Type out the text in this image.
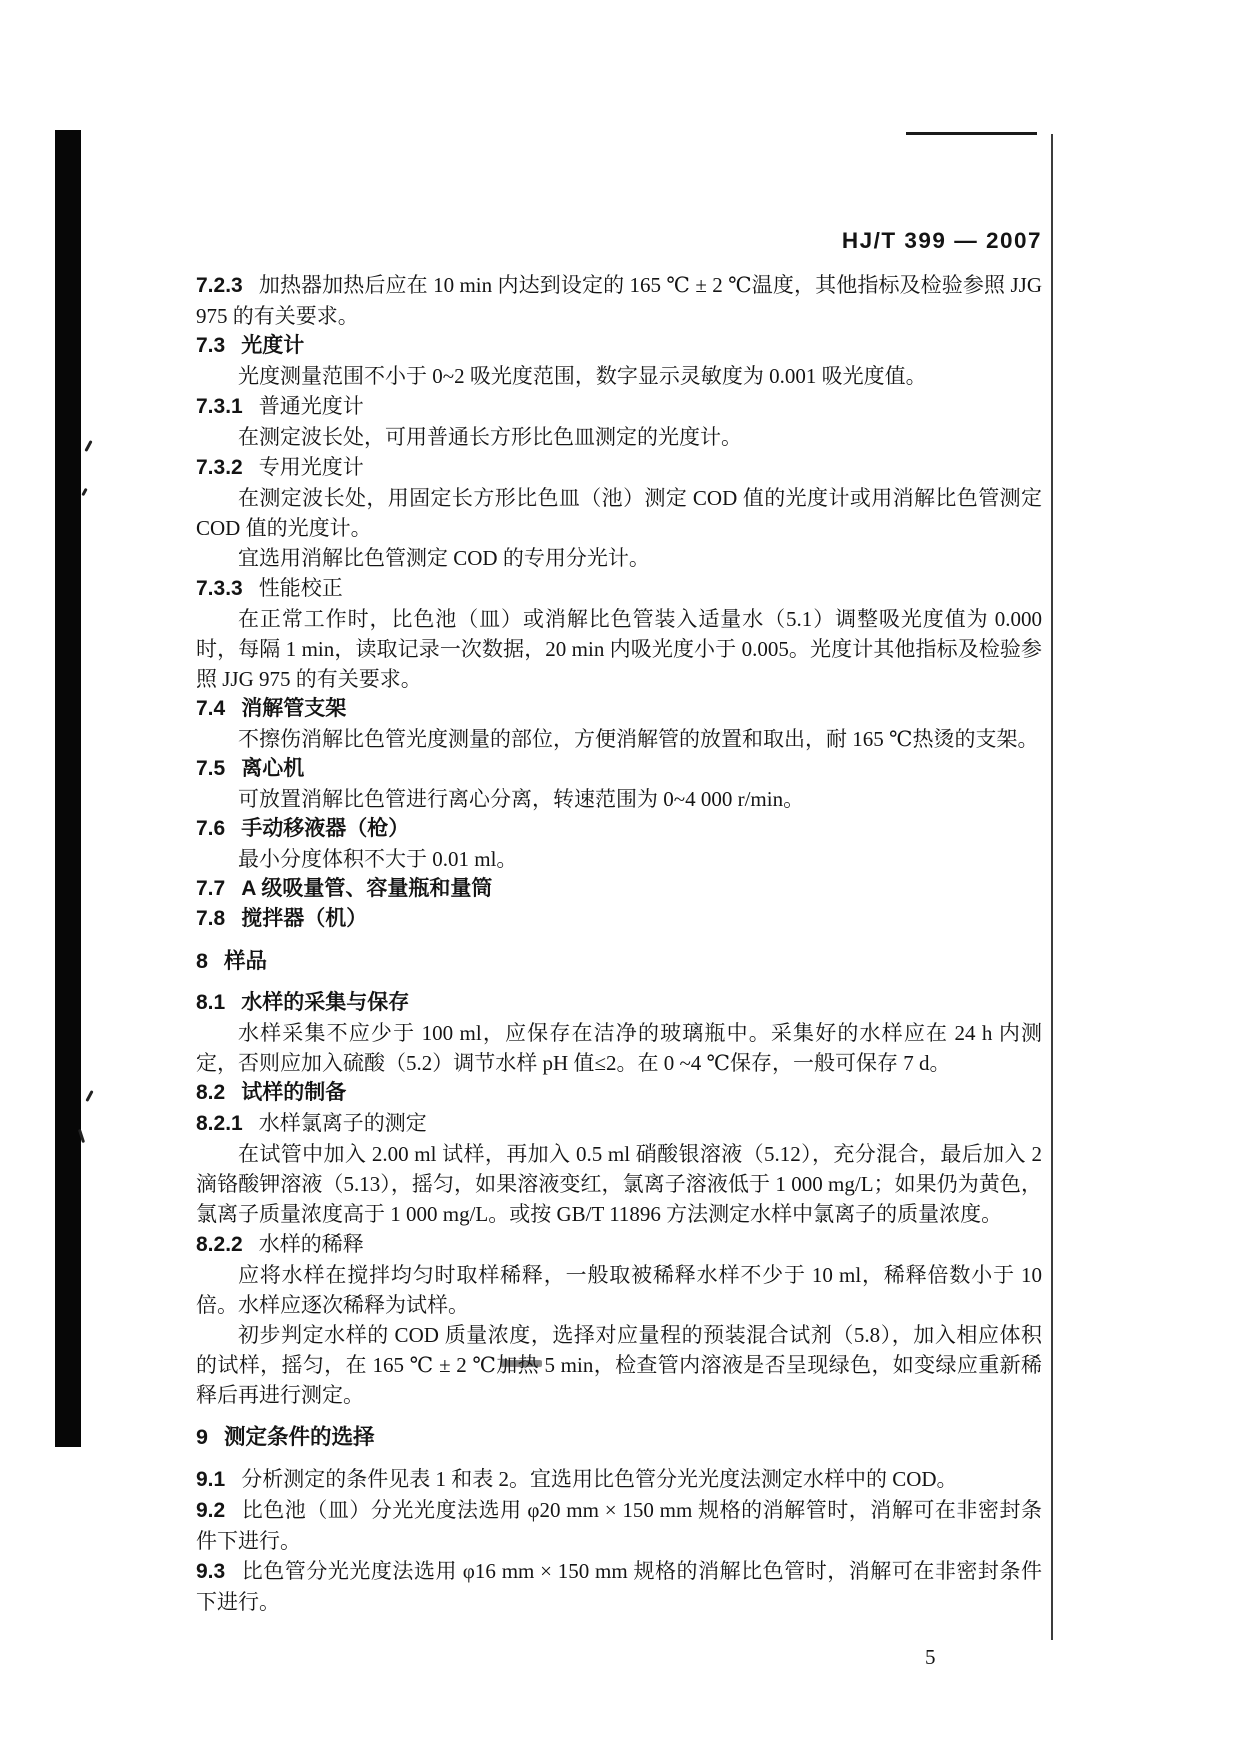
HJ/T 399 — 2007

7.2.3 加热器加热后应在 10 min 内达到设定的 165 ℃ ± 2 ℃温度，其他指标及检验参照 JJG 975 的有关要求。
7.3 光度计
光度测量范围不小于 0~2 吸光度范围，数字显示灵敏度为 0.001 吸光度值。
7.3.1 普通光度计
在测定波长处，可用普通长方形比色皿测定的光度计。
7.3.2 专用光度计
在测定波长处，用固定长方形比色皿（池）测定 COD 值的光度计或用消解比色管测定 COD 值的光度计。
宜选用消解比色管测定 COD 的专用分光计。
7.3.3 性能校正
在正常工作时，比色池（皿）或消解比色管装入适量水（5.1）调整吸光度值为 0.000 时，每隔 1 min，读取记录一次数据，20 min 内吸光度小于 0.005。光度计其他指标及检验参照 JJG 975 的有关要求。
7.4 消解管支架
不擦伤消解比色管光度测量的部位，方便消解管的放置和取出，耐 165 ℃热烫的支架。
7.5 离心机
可放置消解比色管进行离心分离，转速范围为 0~4 000 r/min。
7.6 手动移液器（枪）
最小分度体积不大于 0.01 ml。
7.7 A 级吸量管、容量瓶和量筒
7.8 搅拌器（机）
8 样品
8.1 水样的采集与保存
水样采集不应少于 100 ml，应保存在洁净的玻璃瓶中。采集好的水样应在 24 h 内测定，否则应加入硫酸（5.2）调节水样 pH 值≤2。在 0 ~4 ℃保存，一般可保存 7 d。
8.2 试样的制备
8.2.1 水样氯离子的测定
在试管中加入 2.00 ml 试样，再加入 0.5 ml 硝酸银溶液（5.12），充分混合，最后加入 2 滴铬酸钾溶液（5.13），摇匀，如果溶液变红，氯离子溶液低于 1 000 mg/L；如果仍为黄色，氯离子质量浓度高于 1 000 mg/L。或按 GB/T 11896 方法测定水样中氯离子的质量浓度。
8.2.2 水样的稀释
应将水样在搅拌均匀时取样稀释，一般取被稀释水样不少于 10 ml，稀释倍数小于 10 倍。水样应逐次稀释为试样。
初步判定水样的 COD 质量浓度，选择对应量程的预装混合试剂（5.8），加入相应体积的试样，摇匀，在 165 ℃ ± 2 ℃加热 5 min，检查管内溶液是否呈现绿色，如变绿应重新稀释后再进行测定。
9 测定条件的选择
9.1 分析测定的条件见表 1 和表 2。宜选用比色管分光光度法测定水样中的 COD。
9.2 比色池（皿）分光光度法选用 φ20 mm × 150 mm 规格的消解管时，消解可在非密封条件下进行。
9.3 比色管分光光度法选用 φ16 mm × 150 mm 规格的消解比色管时，消解可在非密封条件下进行。
5
